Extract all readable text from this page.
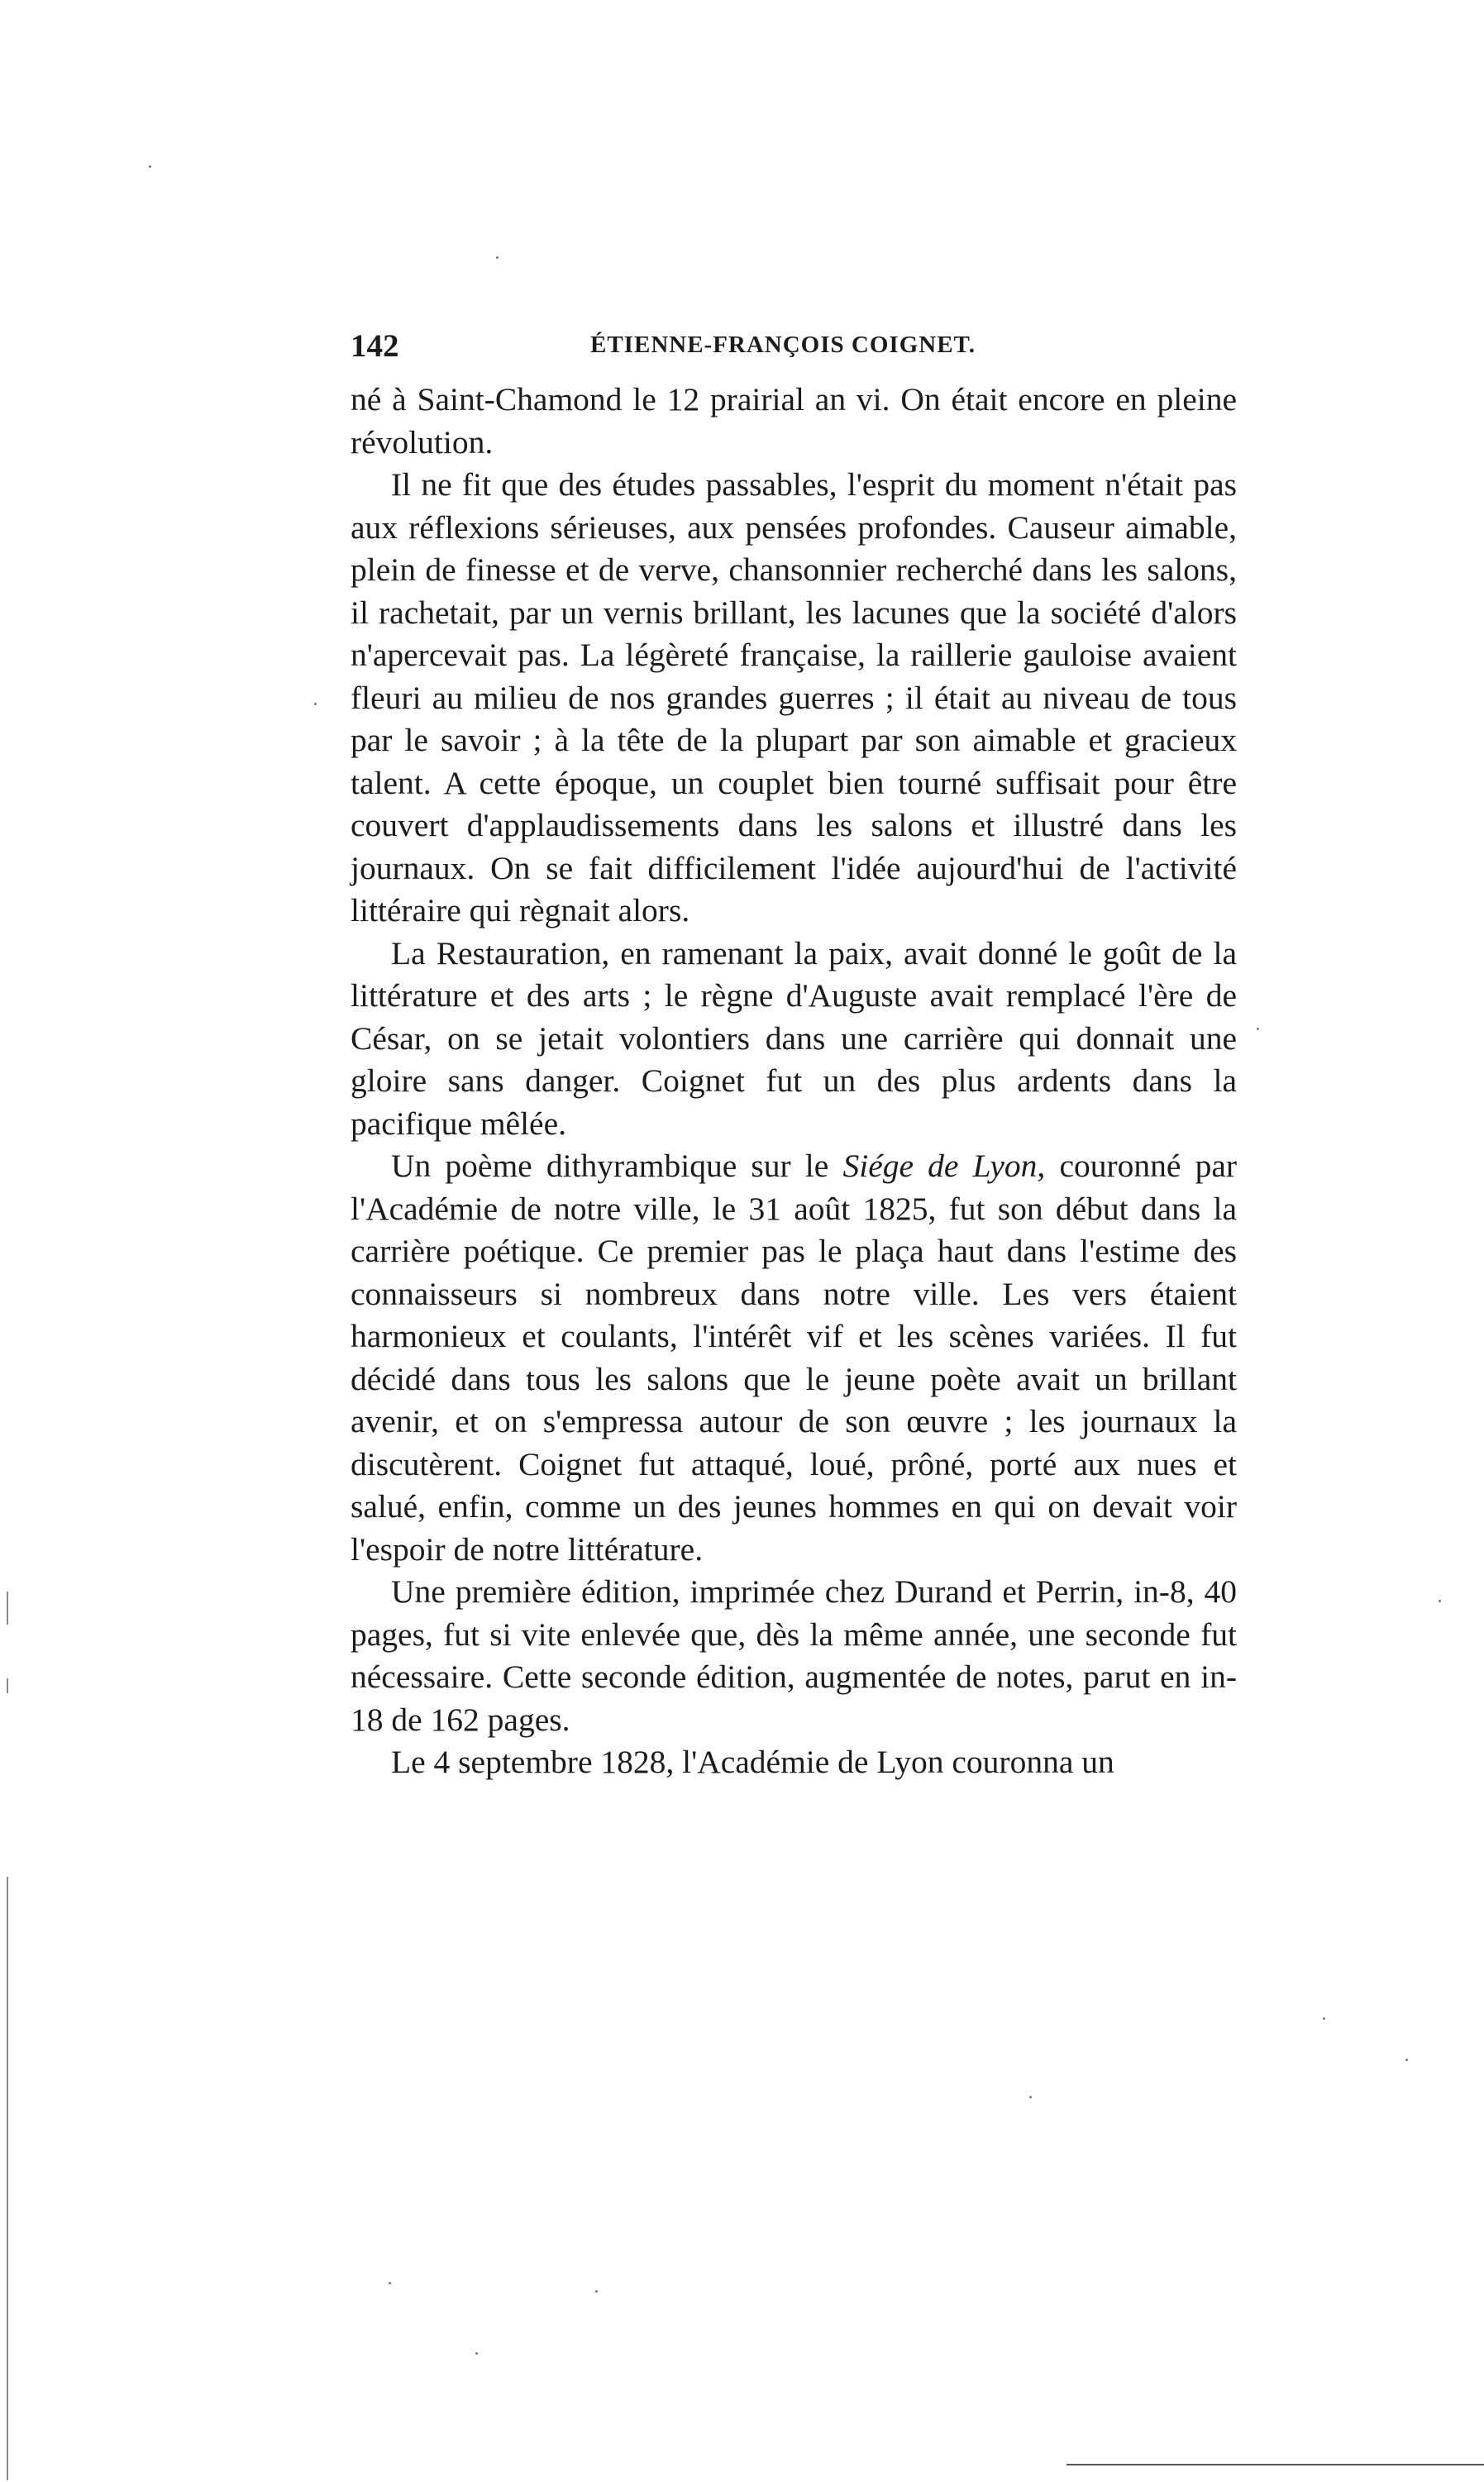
142	ÉTIENNE-FRANÇOIS COIGNET.

né à Saint-Chamond le 12 prairial an vi. On était encore en pleine révolution.

Il ne fit que des études passables, l'esprit du moment n'était pas aux réflexions sérieuses, aux pensées profondes. Causeur aimable, plein de finesse et de verve, chansonnier recherché dans les salons, il rachetait, par un vernis brillant, les lacunes que la société d'alors n'apercevait pas. La légèreté française, la raillerie gauloise avaient fleuri au milieu de nos grandes guerres ; il était au niveau de tous par le savoir ; à la tête de la plupart par son aimable et gracieux talent. A cette époque, un couplet bien tourné suffisait pour être couvert d'applaudissements dans les salons et illustré dans les journaux. On se fait difficilement l'idée aujourd'hui de l'activité littéraire qui règnait alors.

La Restauration, en ramenant la paix, avait donné le goût de la littérature et des arts ; le règne d'Auguste avait remplacé l'ère de César, on se jetait volontiers dans une carrière qui donnait une gloire sans danger. Coignet fut un des plus ardents dans la pacifique mêlée.

Un poème dithyrambique sur le Siége de Lyon, couronné par l'Académie de notre ville, le 31 août 1825, fut son début dans la carrière poétique. Ce premier pas le plaça haut dans l'estime des connaisseurs si nombreux dans notre ville. Les vers étaient harmonieux et coulants, l'intérêt vif et les scènes variées. Il fut décidé dans tous les salons que le jeune poète avait un brillant avenir, et on s'empressa autour de son œuvre ; les journaux la discutèrent. Coignet fut attaqué, loué, prôné, porté aux nues et salué, enfin, comme un des jeunes hommes en qui on devait voir l'espoir de notre littérature.

Une première édition, imprimée chez Durand et Perrin, in-8, 40 pages, fut si vite enlevée que, dès la même année, une seconde fut nécessaire. Cette seconde édition, augmentée de notes, parut en in-18 de 162 pages.

Le 4 septembre 1828, l'Académie de Lyon couronna un
